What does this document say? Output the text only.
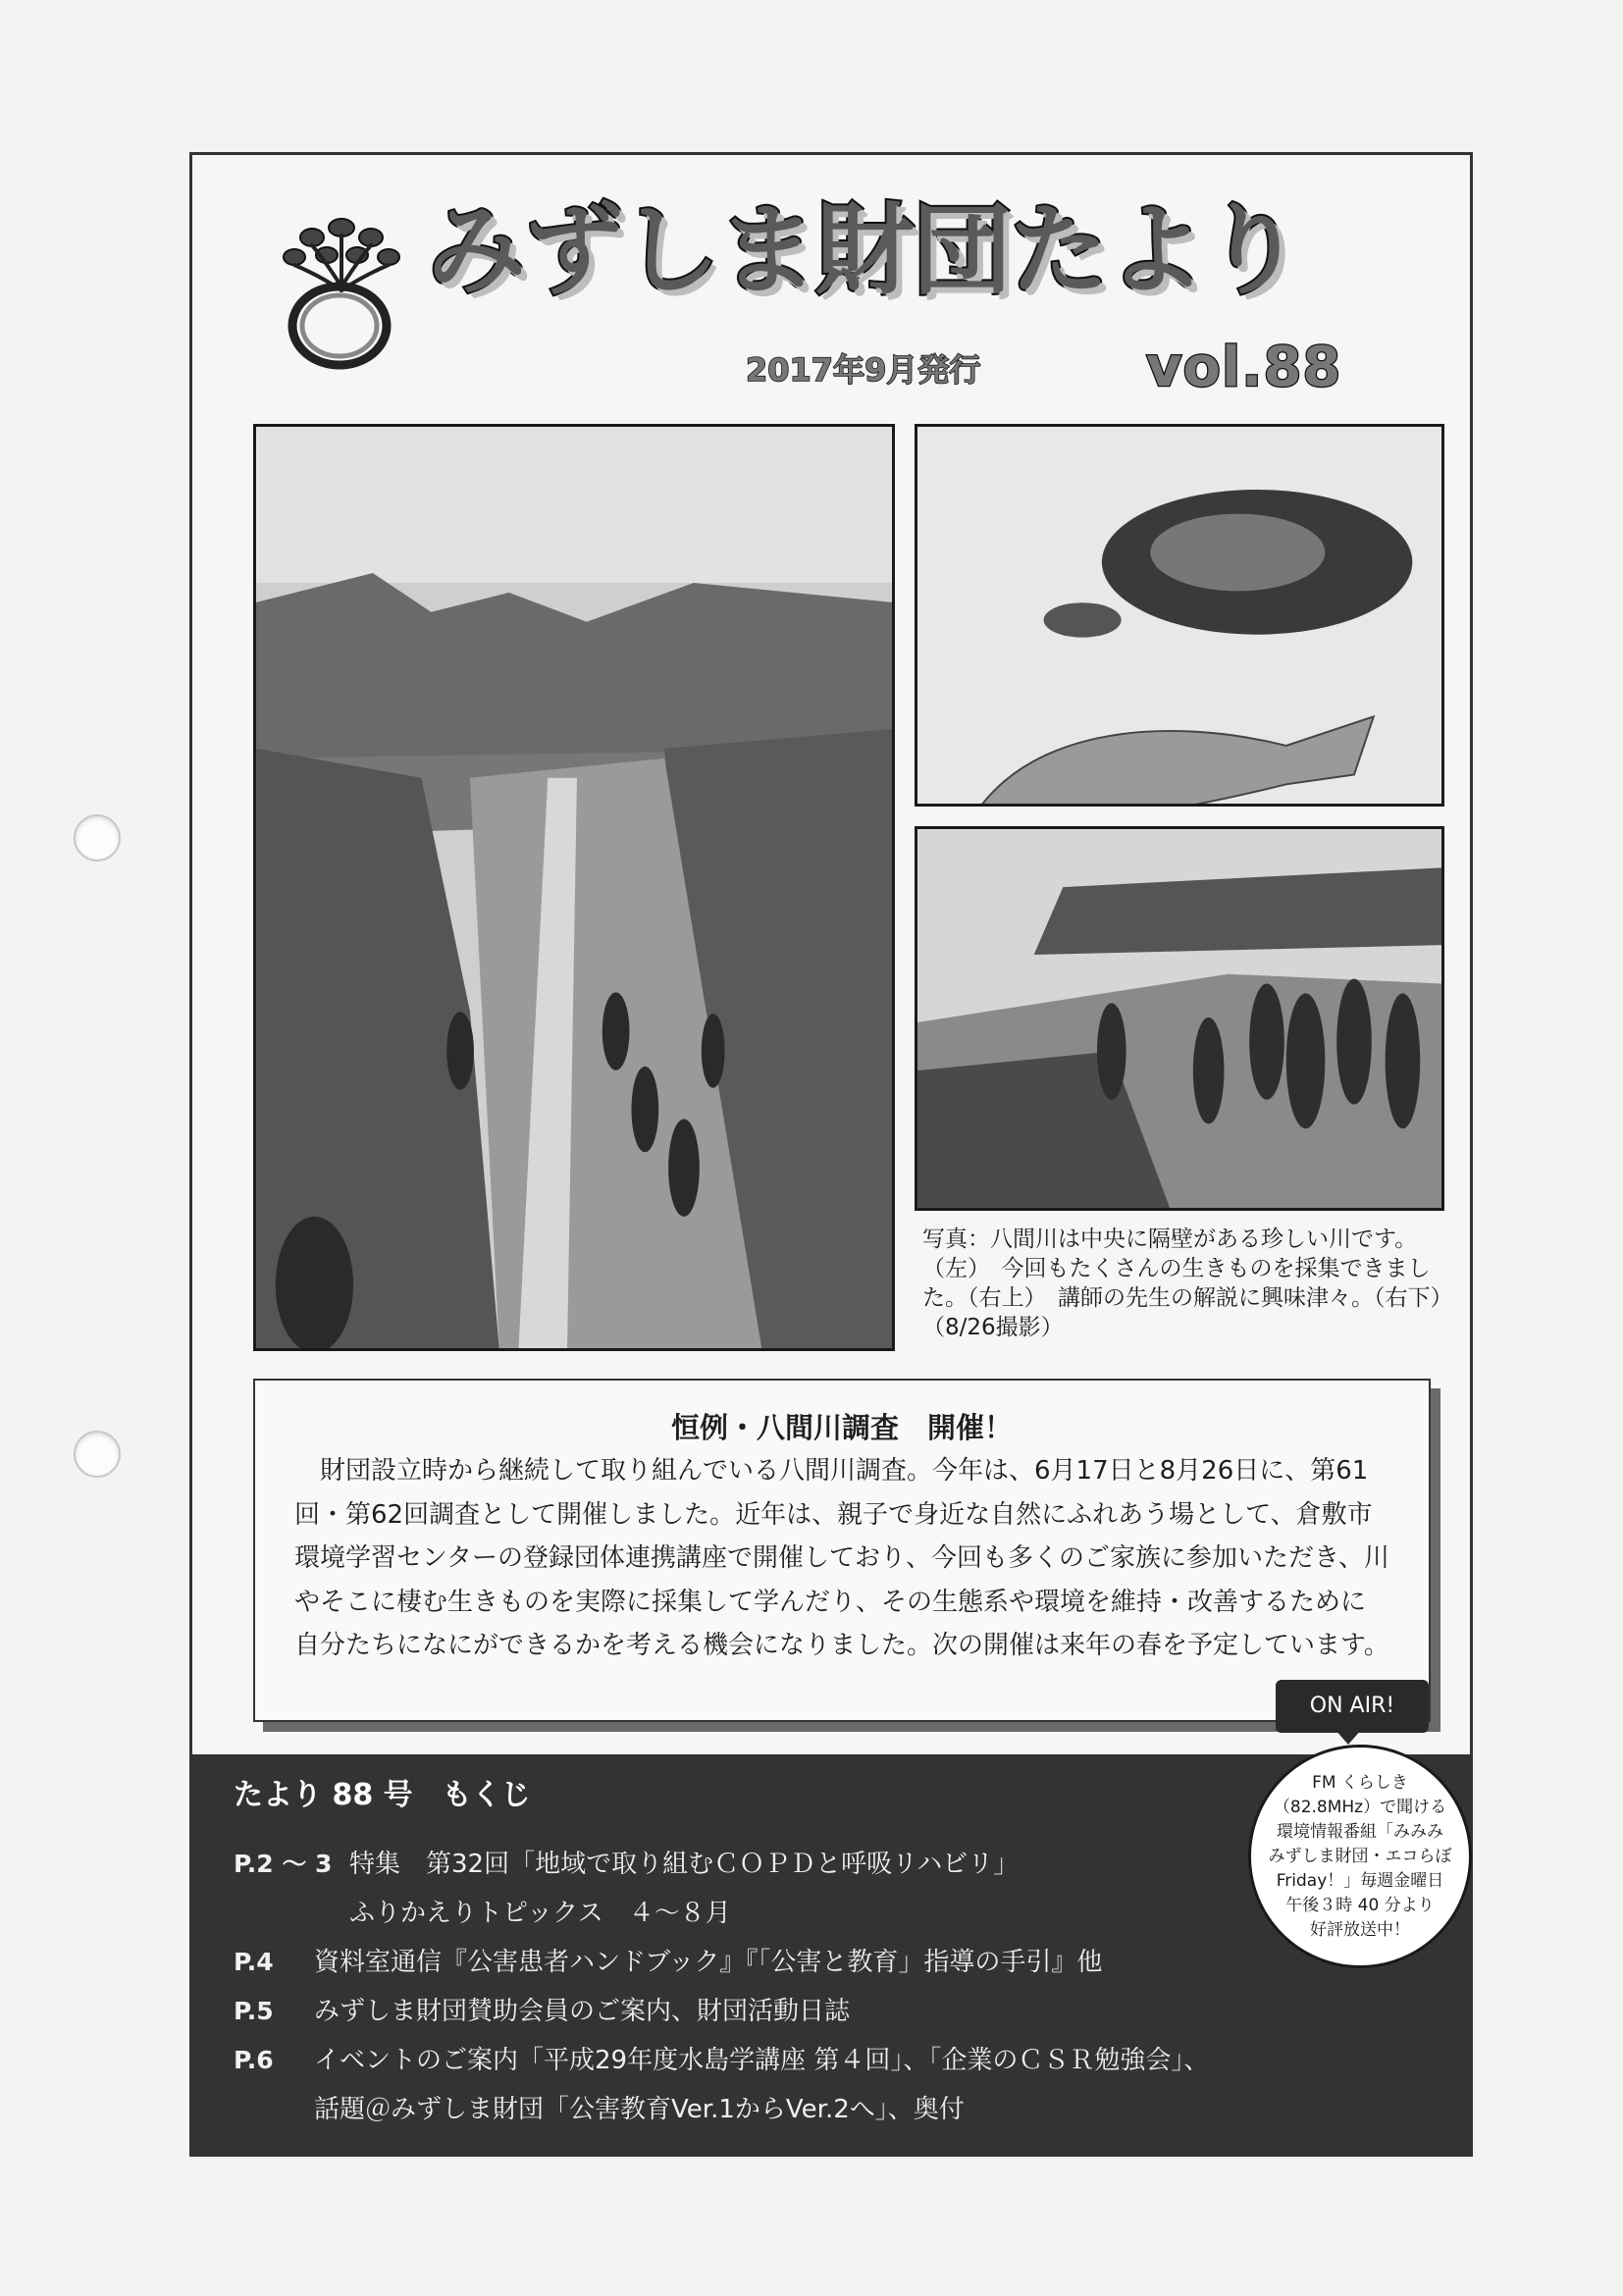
みずしま財団たより
2017年9月発行	vol.88
写真：八間川は中央に隔壁がある珍しい川です。（左）　今回もたくさんの生きものを採集できました。（右上）　講師の先生の解説に興味津々。（右下）（8/26撮影）
恒例・八間川調査　開催！

財団設立時から継続して取り組んでいる八間川調査。今年は、6月17日と8月26日に、第61回・第62回調査として開催しました。近年は、親子で身近な自然にふれあう場として、倉敷市環境学習センターの登録団体連携講座で開催しており、今回も多くのご家族に参加いただき、川やそこに棲む生きものを実際に採集して学んだり、その生態系や環境を維持・改善するために自分たちになにができるかを考える機会になりました。次の開催は来年の春を予定しています。

たより 88 号　もくじ
P.2 ～ 3 特集　第32回「地域で取り組むＣＯＰＤと呼吸リハビリ」
ふりかえりトピックス　４～８月
P.4 資料室通信『公害患者ハンドブック』『「公害と教育」指導の手引』他
P.5 みずしま財団賛助会員のご案内、財団活動日誌
P.6 イベントのご案内「平成29年度水島学講座 第４回」、「企業のＣＳＲ勉強会」、
話題＠みずしま財団「公害教育Ver.1からVer.2へ」、奥付
ON AIR!
FM くらしき
（82.8MHz）で聞ける
環境情報番組「みみみ
みずしま財団・エコらぼ
Friday！」毎週金曜日
午後３時 40 分より
好評放送中！
